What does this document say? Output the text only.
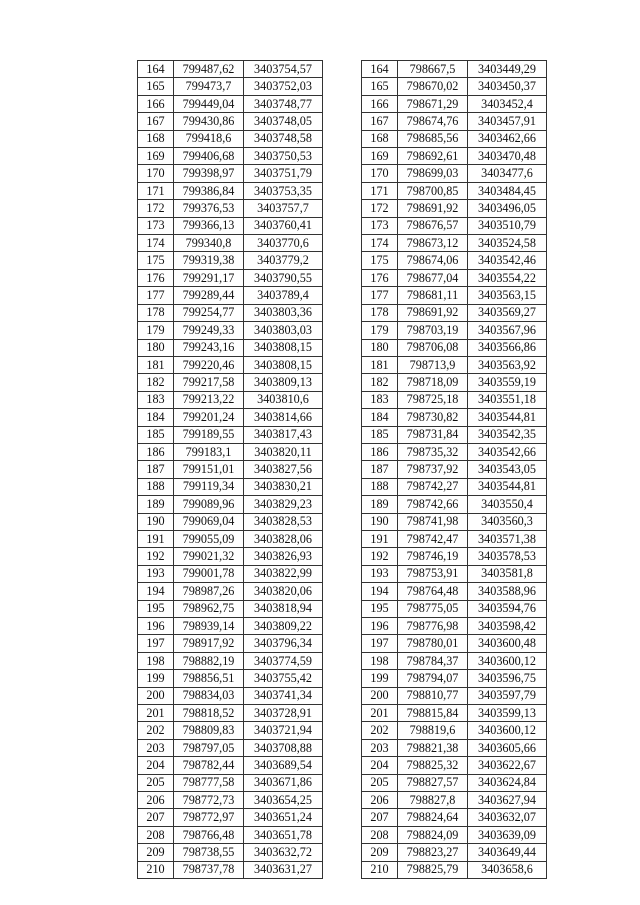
164	799487,62	3403754,57
165	799473,7	3403752,03
166	799449,04	3403748,77
167	799430,86	3403748,05
168	799418,6	3403748,58
169	799406,68	3403750,53
170	799398,97	3403751,79
171	799386,84	3403753,35
172	799376,53	3403757,7
173	799366,13	3403760,41
174	799340,8	3403770,6
175	799319,38	3403779,2
176	799291,17	3403790,55
177	799289,44	3403789,4
178	799254,77	3403803,36
179	799249,33	3403803,03
180	799243,16	3403808,15
181	799220,46	3403808,15
182	799217,58	3403809,13
183	799213,22	3403810,6
184	799201,24	3403814,66
185	799189,55	3403817,43
186	799183,1	3403820,11
187	799151,01	3403827,56
188	799119,34	3403830,21
189	799089,96	3403829,23
190	799069,04	3403828,53
191	799055,09	3403828,06
192	799021,32	3403826,93
193	799001,78	3403822,99
194	798987,26	3403820,06
195	798962,75	3403818,94
196	798939,14	3403809,22
197	798917,92	3403796,34
198	798882,19	3403774,59
199	798856,51	3403755,42
200	798834,03	3403741,34
201	798818,52	3403728,91
202	798809,83	3403721,94
203	798797,05	3403708,88
204	798782,44	3403689,54
205	798777,58	3403671,86
206	798772,73	3403654,25
207	798772,97	3403651,24
208	798766,48	3403651,78
209	798738,55	3403632,72
210	798737,78	3403631,27
164	798667,5	3403449,29
165	798670,02	3403450,37
166	798671,29	3403452,4
167	798674,76	3403457,91
168	798685,56	3403462,66
169	798692,61	3403470,48
170	798699,03	3403477,6
171	798700,85	3403484,45
172	798691,92	3403496,05
173	798676,57	3403510,79
174	798673,12	3403524,58
175	798674,06	3403542,46
176	798677,04	3403554,22
177	798681,11	3403563,15
178	798691,92	3403569,27
179	798703,19	3403567,96
180	798706,08	3403566,86
181	798713,9	3403563,92
182	798718,09	3403559,19
183	798725,18	3403551,18
184	798730,82	3403544,81
185	798731,84	3403542,35
186	798735,32	3403542,66
187	798737,92	3403543,05
188	798742,27	3403544,81
189	798742,66	3403550,4
190	798741,98	3403560,3
191	798742,47	3403571,38
192	798746,19	3403578,53
193	798753,91	3403581,8
194	798764,48	3403588,96
195	798775,05	3403594,76
196	798776,98	3403598,42
197	798780,01	3403600,48
198	798784,37	3403600,12
199	798794,07	3403596,75
200	798810,77	3403597,79
201	798815,84	3403599,13
202	798819,6	3403600,12
203	798821,38	3403605,66
204	798825,32	3403622,67
205	798827,57	3403624,84
206	798827,8	3403627,94
207	798824,64	3403632,07
208	798824,09	3403639,09
209	798823,27	3403649,44
210	798825,79	3403658,6
